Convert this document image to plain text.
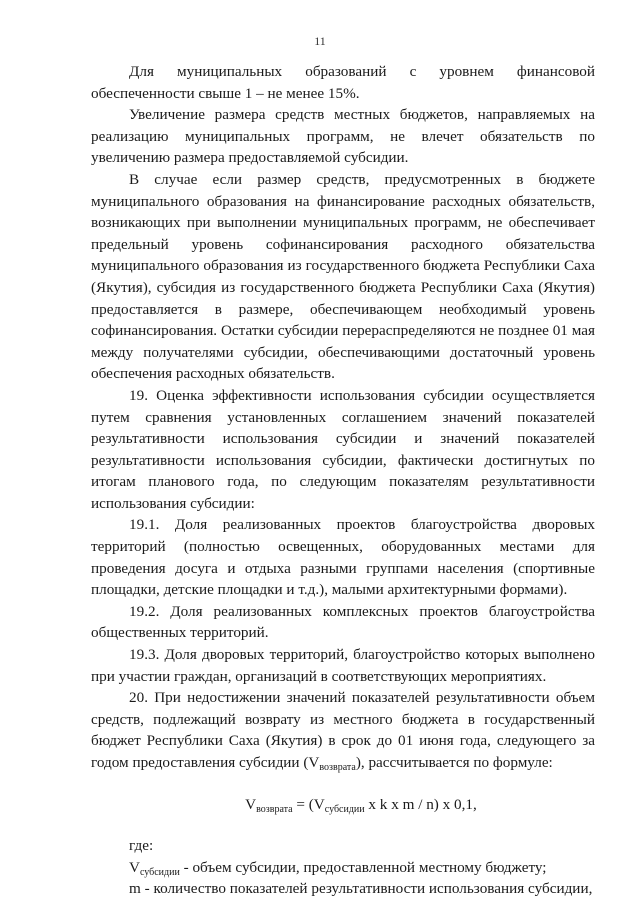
11

Для муниципальных образований с уровнем финансовой обеспеченности свыше 1 – не менее 15%.

Увеличение размера средств местных бюджетов, направляемых на реализацию муниципальных программ, не влечет обязательств по увеличению размера предоставляемой субсидии.

В случае если размер средств, предусмотренных в бюджете муниципального образования на финансирование расходных обязательств, возникающих при выполнении муниципальных программ, не обеспечивает предельный уровень софинансирования расходного обязательства муниципального образования из государственного бюджета Республики Саха (Якутия), субсидия из государственного бюджета Республики Саха (Якутия) предоставляется в размере, обеспечивающем необходимый уровень софинансирования. Остатки субсидии перераспределяются не позднее 01 мая между получателями субсидии, обеспечивающими достаточный уровень обеспечения расходных обязательств.

19. Оценка эффективности использования субсидии осуществляется путем сравнения установленных соглашением значений показателей результативности использования субсидии и значений показателей результативности использования субсидии, фактически достигнутых по итогам планового года, по следующим показателям результативности использования субсидии:

19.1. Доля реализованных проектов благоустройства дворовых территорий (полностью освещенных, оборудованных местами для проведения досуга и отдыха разными группами населения (спортивные площадки, детские площадки и т.д.), малыми архитектурными формами).

19.2. Доля реализованных комплексных проектов благоустройства общественных территорий.

19.3. Доля дворовых территорий, благоустройство которых выполнено при участии граждан, организаций в соответствующих мероприятиях.

20. При недостижении значений показателей результативности объем средств, подлежащий возврату из местного бюджета в государственный бюджет Республики Саха (Якутия) в срок до 01 июня года, следующего за годом предоставления субсидии $(V_{возврата})$, рассчитывается по формуле:

$V_{возврата} = (V_{субсидии}$ x k x m / n) x 0,1,

где:

$V_{субсидии}$ - объем субсидии, предоставленной местному бюджету;

m - количество показателей результативности использования субсидии,
